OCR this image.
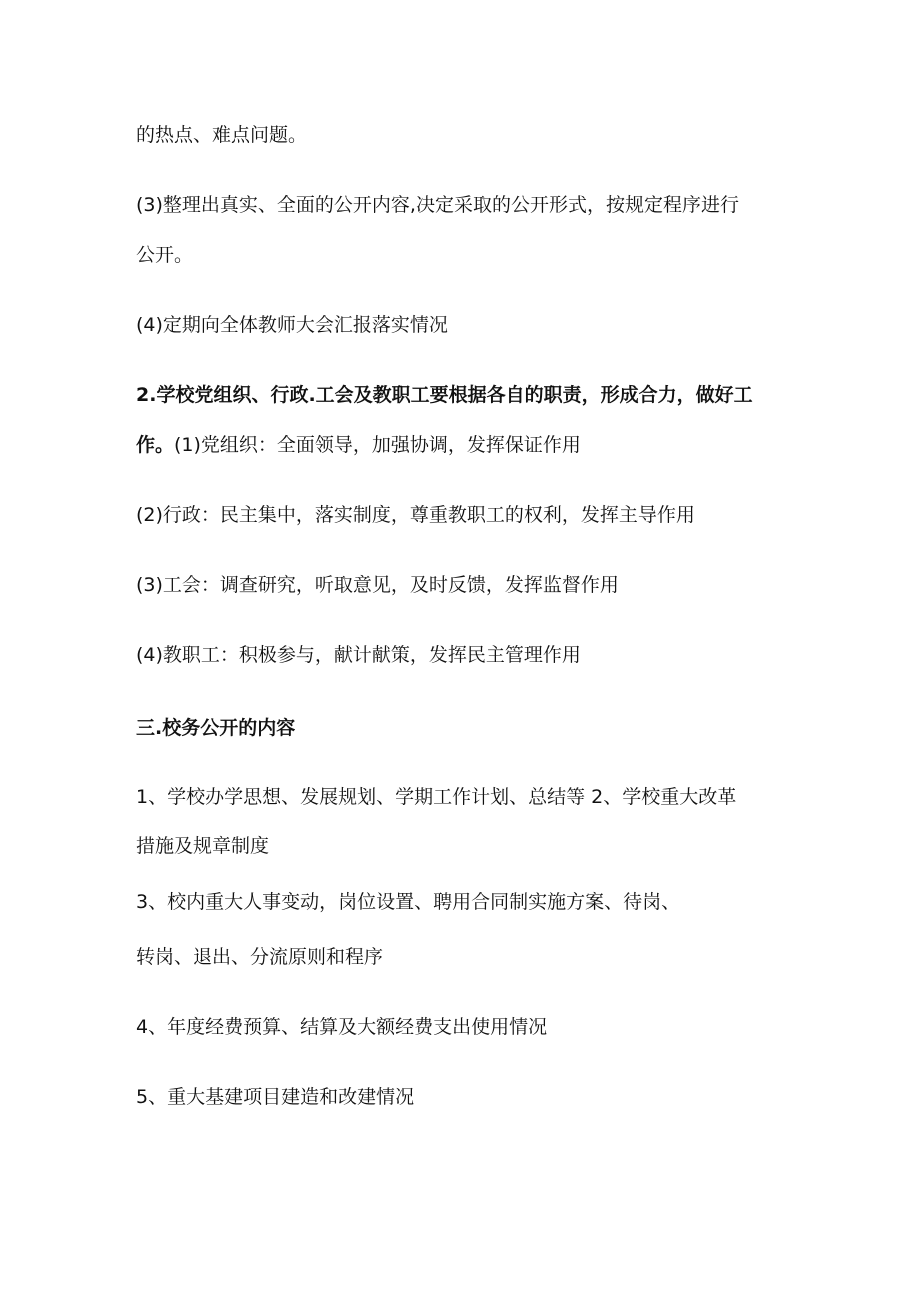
的热点、难点问题。
(3)整理出真实、全面的公开内容,决定采取的公开形式，按规定程序进行
公开。
(4)定期向全体教师大会汇报落实情况
2.学校党组织、行政.工会及教职工要根据各自的职责，形成合力，做好工
作。(1)党组织：全面领导，加强协调，发挥保证作用
(2)行政：民主集中，落实制度，尊重教职工的权利，发挥主导作用
(3)工会：调查研究，听取意见，及时反馈，发挥监督作用
(4)教职工：积极参与，献计献策，发挥民主管理作用
三.校务公开的内容
1、学校办学思想、发展规划、学期工作计划、总结等 2、学校重大改革
措施及规章制度
3、校内重大人事变动，岗位设置、聘用合同制实施方案、待岗、
转岗、退出、分流原则和程序
4、年度经费预算、结算及大额经费支出使用情况
5、重大基建项目建造和改建情况
